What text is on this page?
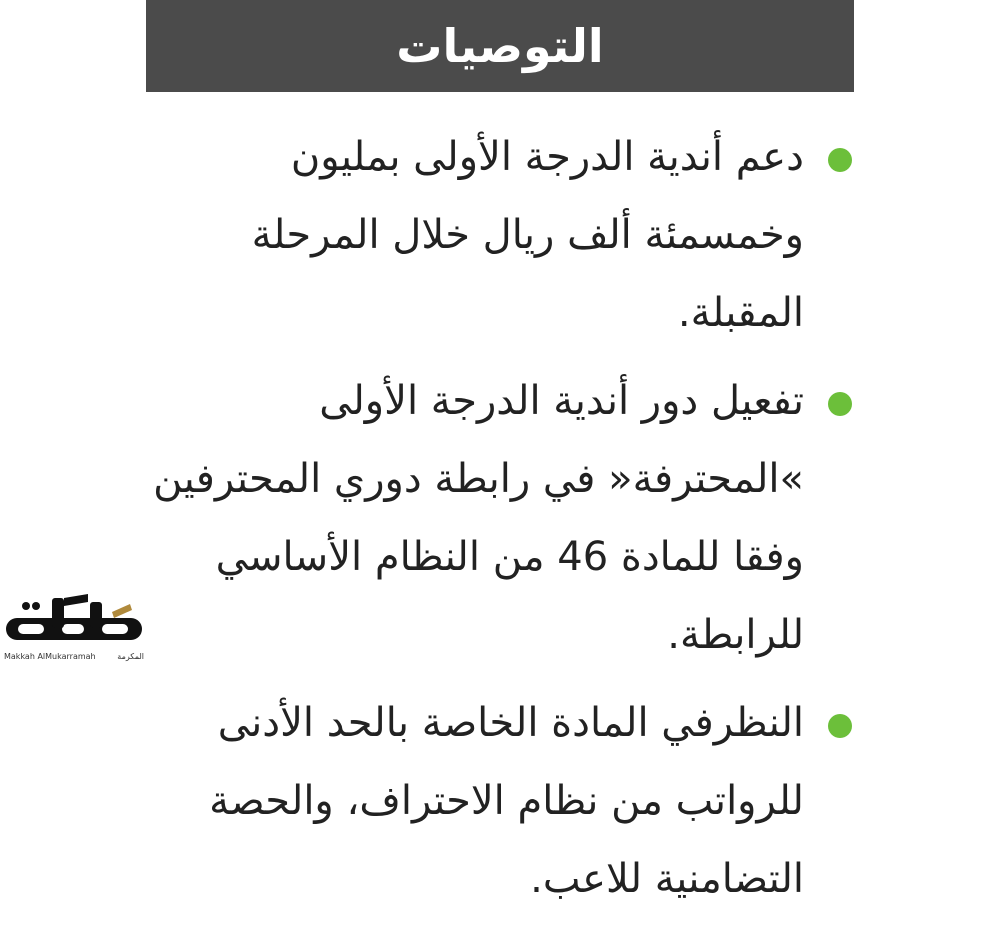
التوصيات
دعم أندية الدرجة الأولى بمليون وخمسمئة ألف ريال خلال المرحلة المقبلة.
تفعيل دور أندية الدرجة الأولى »المحترفة« في رابطة دوري المحترفين وفقا للمادة 46 من النظام الأساسي للرابطة.
النظرفي المادة الخاصة بالحد الأدنى للرواتب من نظام الاحتراف، والحصة التضامنية للاعب.
Makkah AlMukarramah	المكرمة
